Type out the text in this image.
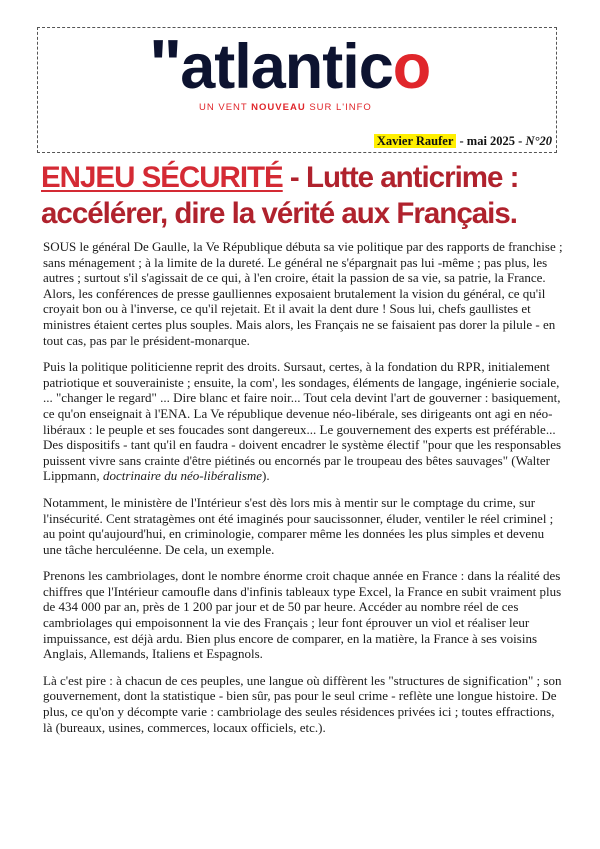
"atlantico
UN VENT NOUVEAU SUR L'INFO
Xavier Raufer - mai 2025 - N°20
ENJEU SÉCURITÉ - Lutte anticrime : accélérer, dire la vérité aux Français.

SOUS le général De Gaulle, la Ve République débuta sa vie politique par des rapports de franchise ; sans ménagement ; à la limite de la dureté. Le général ne s'épargnait pas lui -même ; pas plus, les autres ; surtout s'il s'agissait de ce qui, à l'en croire, était la passion de sa vie, sa patrie, la France. Alors, les conférences de presse gaulliennes exposaient brutalement la vision du général, ce qu'il croyait bon ou à l'inverse, ce qu'il rejetait. Et il avait la dent dure ! Sous lui, chefs gaullistes et ministres étaient certes plus souples. Mais alors, les Français ne se faisaient pas dorer la pilule - en tout cas, pas par le président-monarque.

Puis la politique politicienne reprit des droits. Sursaut, certes, à la fondation du RPR, initialement patriotique et souverainiste ; ensuite, la com', les sondages, éléments de langage, ingénierie sociale, ... "changer le regard" ... Dire blanc et faire noir... Tout cela devint l'art de gouverner : basiquement, ce qu'on enseignait à l'ENA. La Ve république devenue néo-libérale, ses dirigeants ont agi en néo-libéraux : le peuple et ses foucades sont dangereux... Le gouvernement des experts est préférable... Des dispositifs - tant qu'il en faudra - doivent encadrer le système électif "pour que les responsables puissent vivre sans crainte d'être piétinés ou encornés par le troupeau des bêtes sauvages" (Walter Lippmann, doctrinaire du néo-libéralisme).

Notamment, le ministère de l'Intérieur s'est dès lors mis à mentir sur le comptage du crime, sur l'insécurité. Cent stratagèmes ont été imaginés pour saucissonner, éluder, ventiler le réel criminel ; au point qu'aujourd'hui, en criminologie, comparer même les données les plus simples et devenu une tâche herculéenne. De cela, un exemple.

Prenons les cambriolages, dont le nombre énorme croit chaque année en France : dans la réalité des chiffres que l'Intérieur camoufle dans d'infinis tableaux type Excel, la France en subit vraiment plus de 434 000 par an, près de 1 200 par jour et de 50 par heure. Accéder au nombre réel de ces cambriolages qui empoisonnent la vie des Français ; leur font éprouver un viol et réaliser leur impuissance, est déjà ardu. Bien plus encore de comparer, en la matière, la France à ses voisins Anglais, Allemands, Italiens et Espagnols.

Là c'est pire : à chacun de ces peuples, une langue où diffèrent les "structures de signification" ; son gouvernement, dont la statistique - bien sûr, pas pour le seul crime - reflète une longue histoire. De plus, ce qu'on y décompte varie : cambriolage des seules résidences privées ici ; toutes effractions, là (bureaux, usines, commerces, locaux officiels, etc.).
